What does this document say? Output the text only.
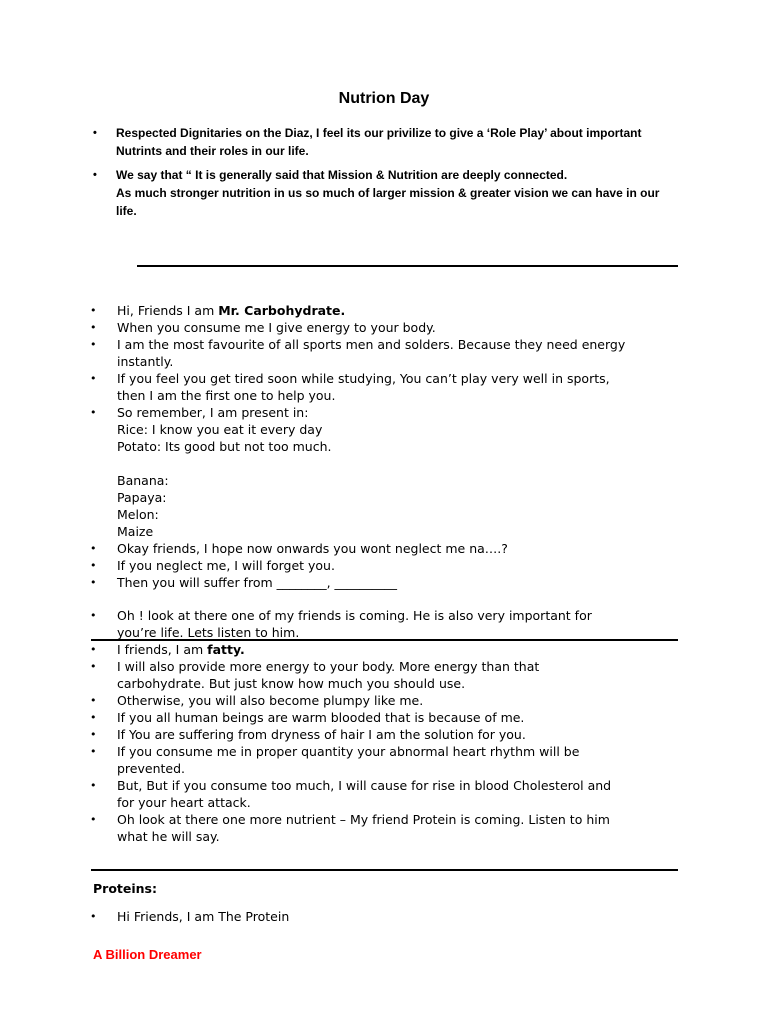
Nutrion Day
• Respected Dignitaries on the Diaz, I feel its our privilize to give a ‘Role Play’ about important
Nutrints and their roles in our life.
• We say that “ It is generally said that Mission & Nutrition are deeply connected.
As much stronger nutrition in us so much of larger mission & greater vision we can have in our
life.
• Hi, Friends I am Mr. Carbohydrate.
• When you consume me I give energy to your body.
• I am the most favourite of all sports men and solders. Because they need energy
instantly.
• If you feel you get tired soon while studying, You can’t play very well in sports,
then I am the first one to help you.
• So remember, I am present in:
Rice: I know you eat it every day
Potato: Its good but not too much.
Banana:
Papaya:
Melon:
Maize
• Okay friends, I hope now onwards you wont neglect me na….?
• If you neglect me, I will forget you.
• Then you will suffer from ________, __________
• Oh ! look at there one of my friends is coming. He is also very important for
you’re life. Lets listen to him.
• I friends, I am fatty.
• I will also provide more energy to your body. More energy than that
carbohydrate. But just know how much you should use.
• Otherwise, you will also become plumpy like me.
• If you all human beings are warm blooded that is because of me.
• If You are suffering from dryness of hair I am the solution for you.
• If you consume me in proper quantity your abnormal heart rhythm will be
prevented.
• But, But if you consume too much, I will cause for rise in blood Cholesterol and
for your heart attack.
• Oh look at there one more nutrient – My friend Protein is coming. Listen to him
what he will say.
Proteins:
• Hi Friends, I am The Protein
A Billion Dreamer
